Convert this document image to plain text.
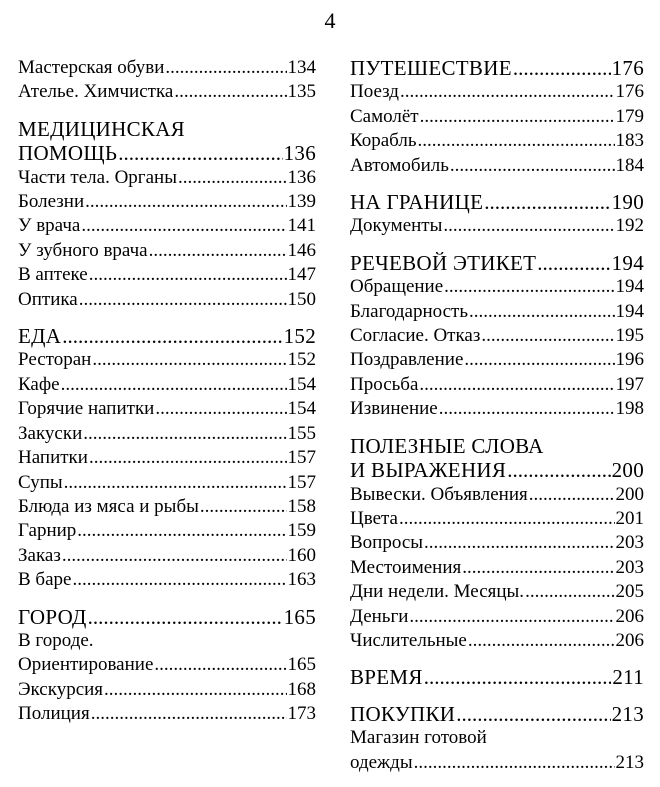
4
Мастерская обуви .....	134
Ателье. Химчистка .....	135
МЕДИЦИНСКАЯ
ПОМОЩЬ .....	136
Части тела. Органы .....	136
Болезни .....	139
У врача .....	141
У зубного врача .....	146
В аптеке .....	147
Оптика .....	150
ЕДА .....	152
Ресторан .....	152
Кафе .....	154
Горячие напитки .....	154
Закуски .....	155
Напитки .....	157
Супы .....	157
Блюда из мяса и рыбы .....	158
Гарнир .....	159
Заказ .....	160
В баре .....	163
ГОРОД .....	165
В городе.
Ориентирование .....	165
Экскурсия .....	168
Полиция .....	173
ПУТЕШЕСТВИЕ .....	176
Поезд .....	176
Самолёт .....	179
Корабль .....	183
Автомобиль .....	184
НА ГРАНИЦЕ .....	190
Документы .....	192
РЕЧЕВОЙ ЭТИКЕТ .....	194
Обращение .....	194
Благодарность .....	194
Согласие. Отказ .....	195
Поздравление .....	196
Просьба .....	197
Извинение .....	198
ПОЛЕЗНЫЕ СЛОВА
И ВЫРАЖЕНИЯ .....	200
Вывески. Объявления .....	200
Цвета .....	201
Вопросы .....	203
Местоимения .....	203
Дни недели. Месяцы. .....	205
Деньги .....	206
Числительные .....	206
ВРЕМЯ .....	211
ПОКУПКИ .....	213
Магазин готовой
одежды .....	213
